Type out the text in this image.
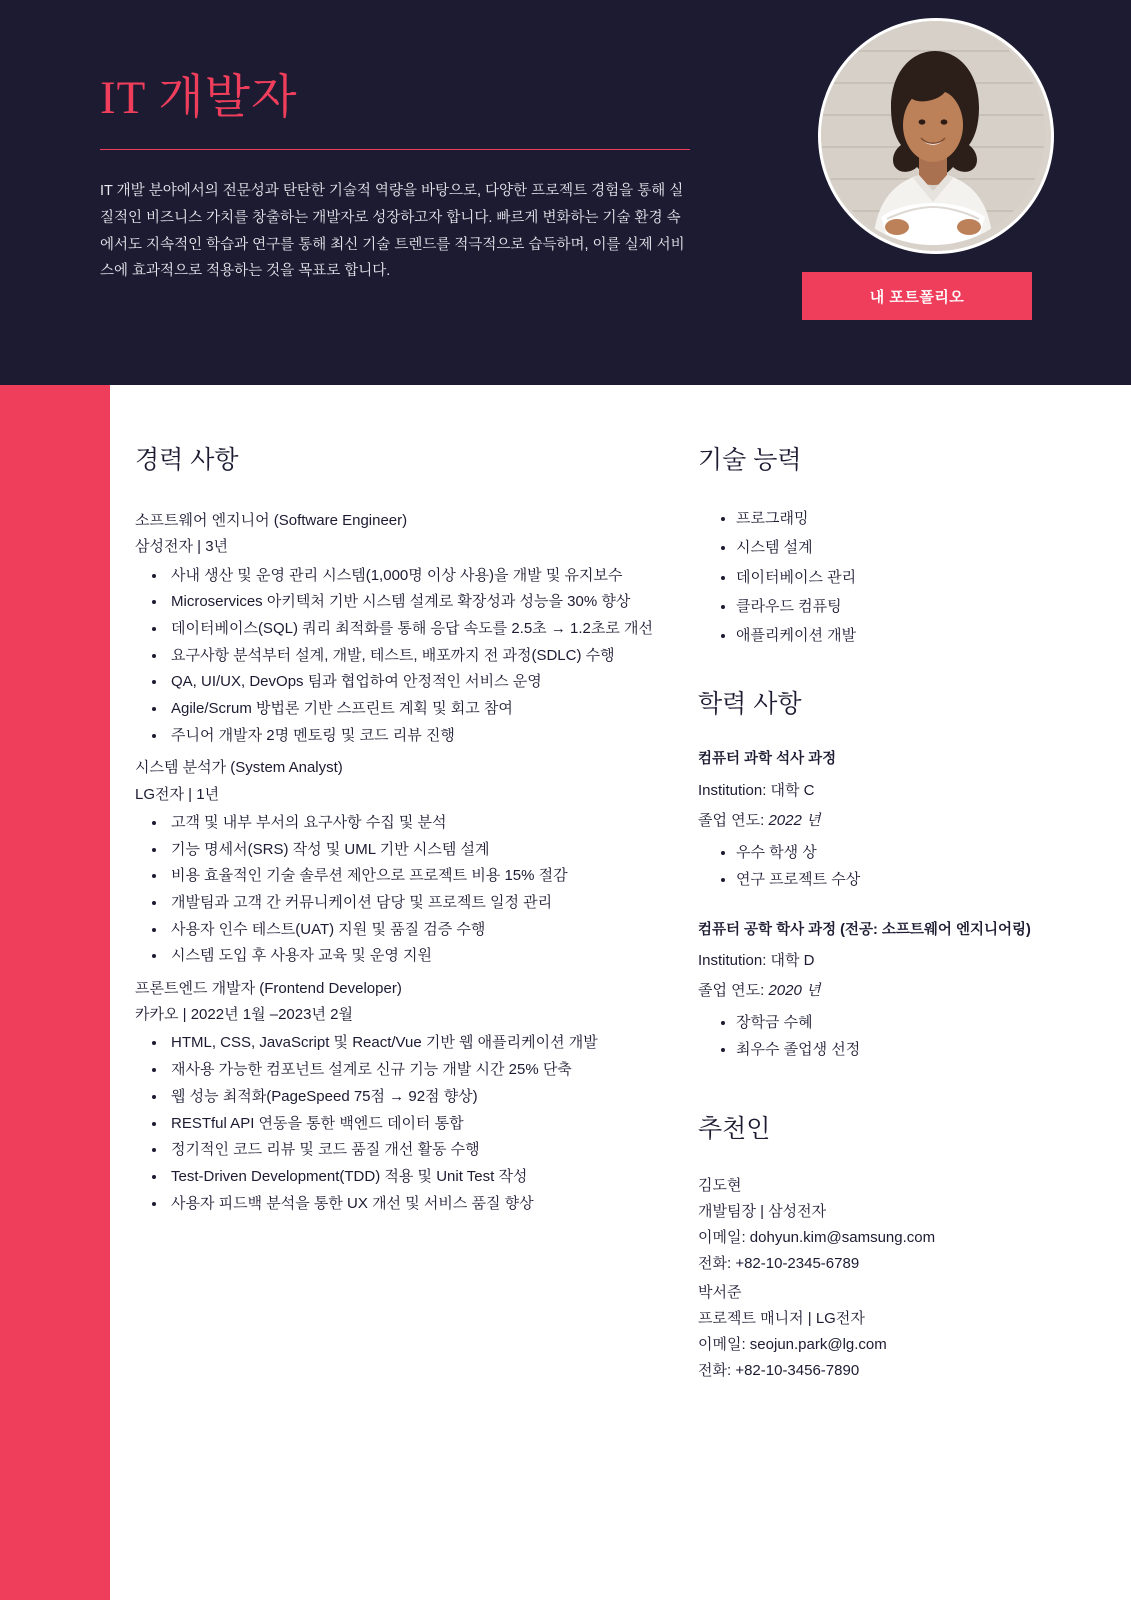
IT 개발자

IT 개발 분야에서의 전문성과 탄탄한 기술적 역량을 바탕으로, 다양한 프로젝트 경험을 통해 실질적인 비즈니스 가치를 창출하는 개발자로 성장하고자 합니다. 빠르게 변화하는 기술 환경 속에서도 지속적인 학습과 연구를 통해 최신 기술 트렌드를 적극적으로 습득하며, 이를 실제 서비스에 효과적으로 적용하는 것을 목표로 합니다.

내 포트폴리오
경력 사항

소프트웨어 엔지니어 (Software Engineer)

삼성전자 | 3년

• 사내 생산 및 운영 관리 시스템(1,000명 이상 사용)을 개발 및 유지보수
• Microservices 아키텍처 기반 시스템 설계로 확장성과 성능을 30% 향상
• 데이터베이스(SQL) 쿼리 최적화를 통해 응답 속도를 2.5초 → 1.2초로 개선
• 요구사항 분석부터 설계, 개발, 테스트, 배포까지 전 과정(SDLC) 수행
• QA, UI/UX, DevOps 팀과 협업하여 안정적인 서비스 운영
• Agile/Scrum 방법론 기반 스프린트 계획 및 회고 참여
• 주니어 개발자 2명 멘토링 및 코드 리뷰 진행

시스템 분석가 (System Analyst)

LG전자 | 1년

• 고객 및 내부 부서의 요구사항 수집 및 분석
• 기능 명세서(SRS) 작성 및 UML 기반 시스템 설계
• 비용 효율적인 기술 솔루션 제안으로 프로젝트 비용 15% 절감
• 개발팀과 고객 간 커뮤니케이션 담당 및 프로젝트 일정 관리
• 사용자 인수 테스트(UAT) 지원 및 품질 검증 수행
• 시스템 도입 후 사용자 교육 및 운영 지원

프론트엔드 개발자 (Frontend Developer)

카카오 | 2022년 1월 –2023년 2월

• HTML, CSS, JavaScript 및 React/Vue 기반 웹 애플리케이션 개발
• 재사용 가능한 컴포넌트 설계로 신규 기능 개발 시간 25% 단축
• 웹 성능 최적화(PageSpeed 75점 → 92점 향상)
• RESTful API 연동을 통한 백엔드 데이터 통합
• 정기적인 코드 리뷰 및 코드 품질 개선 활동 수행
• Test-Driven Development(TDD) 적용 및 Unit Test 작성
• 사용자 피드백 분석을 통한 UX 개선 및 서비스 품질 향상
기술 능력
• 프로그래밍
• 시스템 설계
• 데이터베이스 관리
• 클라우드 컴퓨팅
• 애플리케이션 개발
학력 사항

컴퓨터 과학 석사 과정

Institution: 대학 C

졸업 연도: 2022 년

• 우수 학생 상
• 연구 프로젝트 수상

컴퓨터 공학 학사 과정 (전공: 소프트웨어 엔지니어링)

Institution: 대학 D

졸업 연도: 2020 년

• 장학금 수혜
• 최우수 졸업생 선정
추천인

김도현

개발팀장 | 삼성전자

이메일: dohyun.kim@samsung.com

전화: +82-10-2345-6789

박서준

프로젝트 매니저 | LG전자

이메일: seojun.park@lg.com

전화: +82-10-3456-7890
